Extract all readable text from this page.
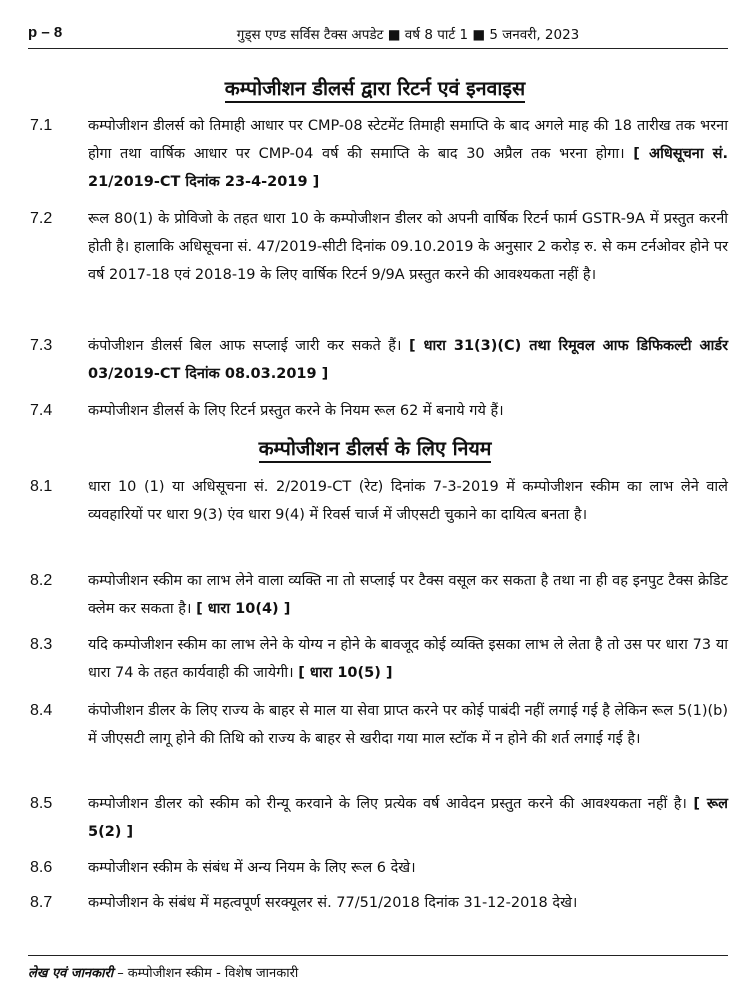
p – 8	गुड्स एण्ड सर्विस टैक्स अपडेट ■ वर्ष 8 पार्ट 1 ■ 5 जनवरी, 2023
कम्पोजीशन डीलर्स द्वारा रिटर्न एवं इनवाइस
7.1	कम्पोजीशन डीलर्स को तिमाही आधार पर CMP-08 स्टेटमेंट तिमाही समाप्ति के बाद अगले माह की 18 तारीख तक भरना होगा तथा वार्षिक आधार पर CMP-04 वर्ष की समाप्ति के बाद 30 अप्रैल तक भरना होगा। [ अधिसूचना सं. 21/2019-CT दिनांक 23-4-2019 ]
7.2	रूल 80(1) के प्रोविजो के तहत धारा 10 के कम्पोजीशन डीलर को अपनी वार्षिक रिटर्न फार्म GSTR-9A में प्रस्तुत करनी होती है। हालाकि अधिसूचना सं. 47/2019-सीटी दिनांक 09.10.2019 के अनुसार 2 करोड़ रु. से कम टर्नओवर होने पर वर्ष 2017-18 एवं 2018-19 के लिए वार्षिक रिटर्न 9/9A प्रस्तुत करने की आवश्यकता नहीं है।
7.3	कंपोजीशन डीलर्स बिल आफ सप्लाई जारी कर सकते हैं। [ धारा 31(3)(C) तथा रिमूवल आफ डिफिकल्टी आर्डर 03/2019-CT दिनांक 08.03.2019 ]
7.4	कम्पोजीशन डीलर्स के लिए रिटर्न प्रस्तुत करने के नियम रूल 62 में बनाये गये हैं।
कम्पोजीशन डीलर्स के लिए नियम
8.1	धारा 10 (1) या अधिसूचना सं. 2/2019-CT (रेट) दिनांक 7-3-2019 में कम्पोजीशन स्कीम का लाभ लेने वाले व्यवहारियों पर धारा 9(3) एंव धारा 9(4) में रिवर्स चार्ज में जीएसटी चुकाने का दायित्व बनता है।
8.2	कम्पोजीशन स्कीम का लाभ लेने वाला व्यक्ति ना तो सप्लाई पर टैक्स वसूल कर सकता है तथा ना ही वह इनपुट टैक्स क्रेडिट क्लेम कर सकता है। [ धारा 10(4) ]
8.3	यदि कम्पोजीशन स्कीम का लाभ लेने के योग्य न होने के बावजूद कोई व्यक्ति इसका लाभ ले लेता है तो उस पर धारा 73 या धारा 74 के तहत कार्यवाही की जायेगी। [ धारा 10(5) ]
8.4	कंपोजीशन डीलर के लिए राज्य के बाहर से माल या सेवा प्राप्त करने पर कोई पाबंदी नहीं लगाई गई है लेकिन रूल 5(1)(b) में जीएसटी लागू होने की तिथि को राज्य के बाहर से खरीदा गया माल स्टॉक में न होने की शर्त लगाई गई है।
8.5	कम्पोजीशन डीलर को स्कीम को रीन्यू करवाने के लिए प्रत्येक वर्ष आवेदन प्रस्तुत करने की आवश्यकता नहीं है। [ रूल 5(2) ]
8.6	कम्पोजीशन स्कीम के संबंध में अन्य नियम के लिए रूल 6 देखे।
8.7	कम्पोजीशन के संबंध में महत्वपूर्ण सरक्यूलर सं. 77/51/2018 दिनांक 31-12-2018 देखे।
लेख एवं जानकारी – कम्पोजीशन स्कीम - विशेष जानकारी
